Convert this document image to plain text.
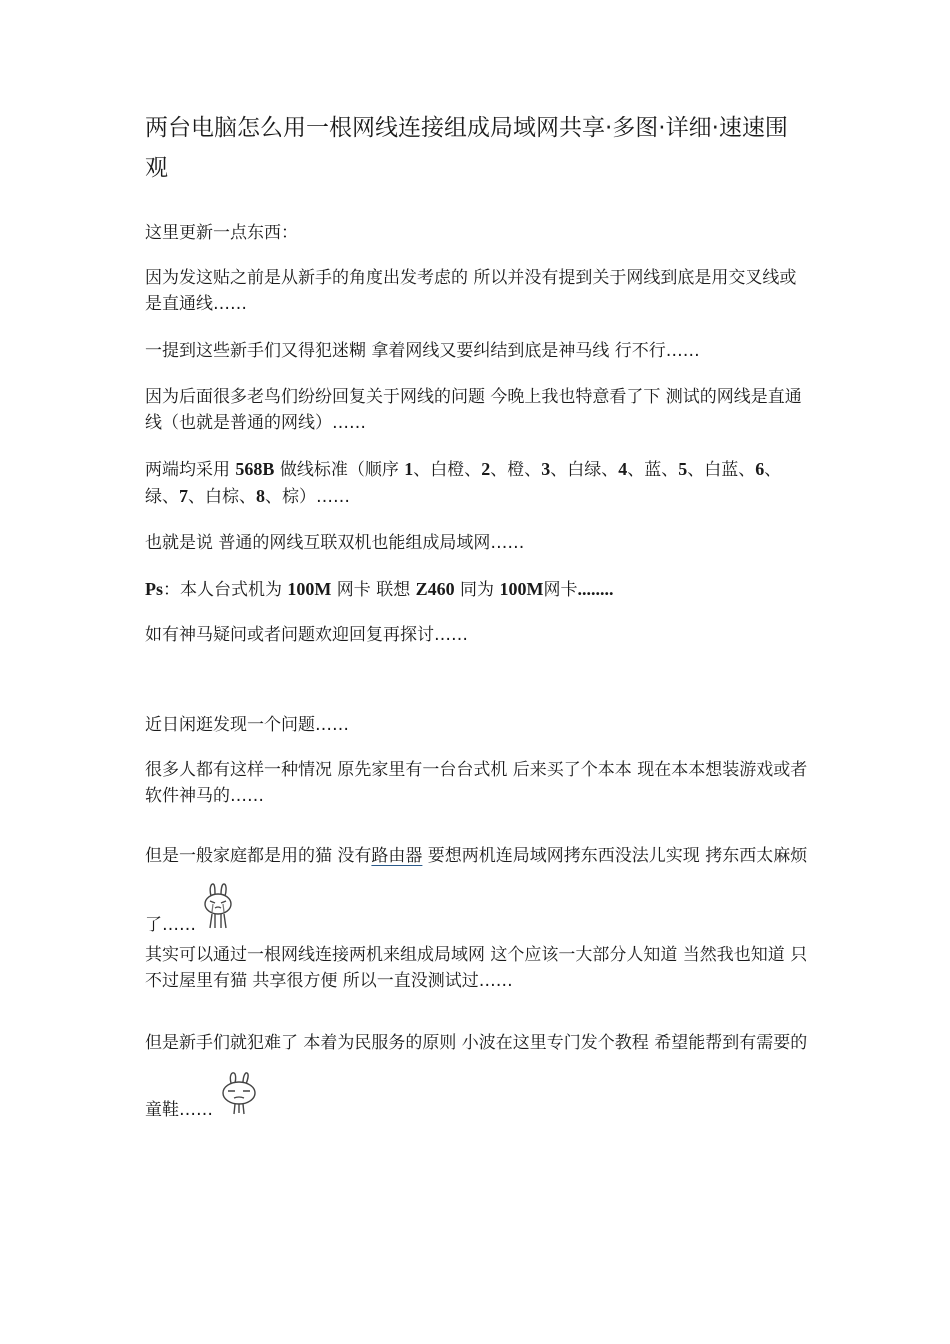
两台电脑怎么用一根网线连接组成局域网共享·多图·详细·速速围观

这里更新一点东西：

因为发这贴之前是从新手的角度出发考虑的 所以并没有提到关于网线到底是用交叉线或是直通线……

一提到这些新手们又得犯迷糊 拿着网线又要纠结到底是神马线 行不行……

因为后面很多老鸟们纷纷回复关于网线的问题 今晚上我也特意看了下 测试的网线是直通线（也就是普通的网线）……

两端均采用 568B 做线标准（顺序 1、白橙、2、橙、3、白绿、4、蓝、5、白蓝、6、绿、7、白棕、8、棕）……

也就是说 普通的网线互联双机也能组成局域网……

Ps：本人台式机为 100M 网卡 联想 Z460 同为 100M网卡........

如有神马疑问或者问题欢迎回复再探讨……

近日闲逛发现一个问题……

很多人都有这样一种情况 原先家里有一台台式机 后来买了个本本 现在本本想装游戏或者软件神马的……

但是一般家庭都是用的猫 没有路由器 要想两机连局域网拷东西没法儿实现 拷东西太麻烦了……

其实可以通过一根网线连接两机来组成局域网 这个应该一大部分人知道 当然我也知道 只不过屋里有猫 共享很方便 所以一直没测试过……

但是新手们就犯难了 本着为民服务的原则 小波在这里专门发个教程 希望能帮到有需要的童鞋……
